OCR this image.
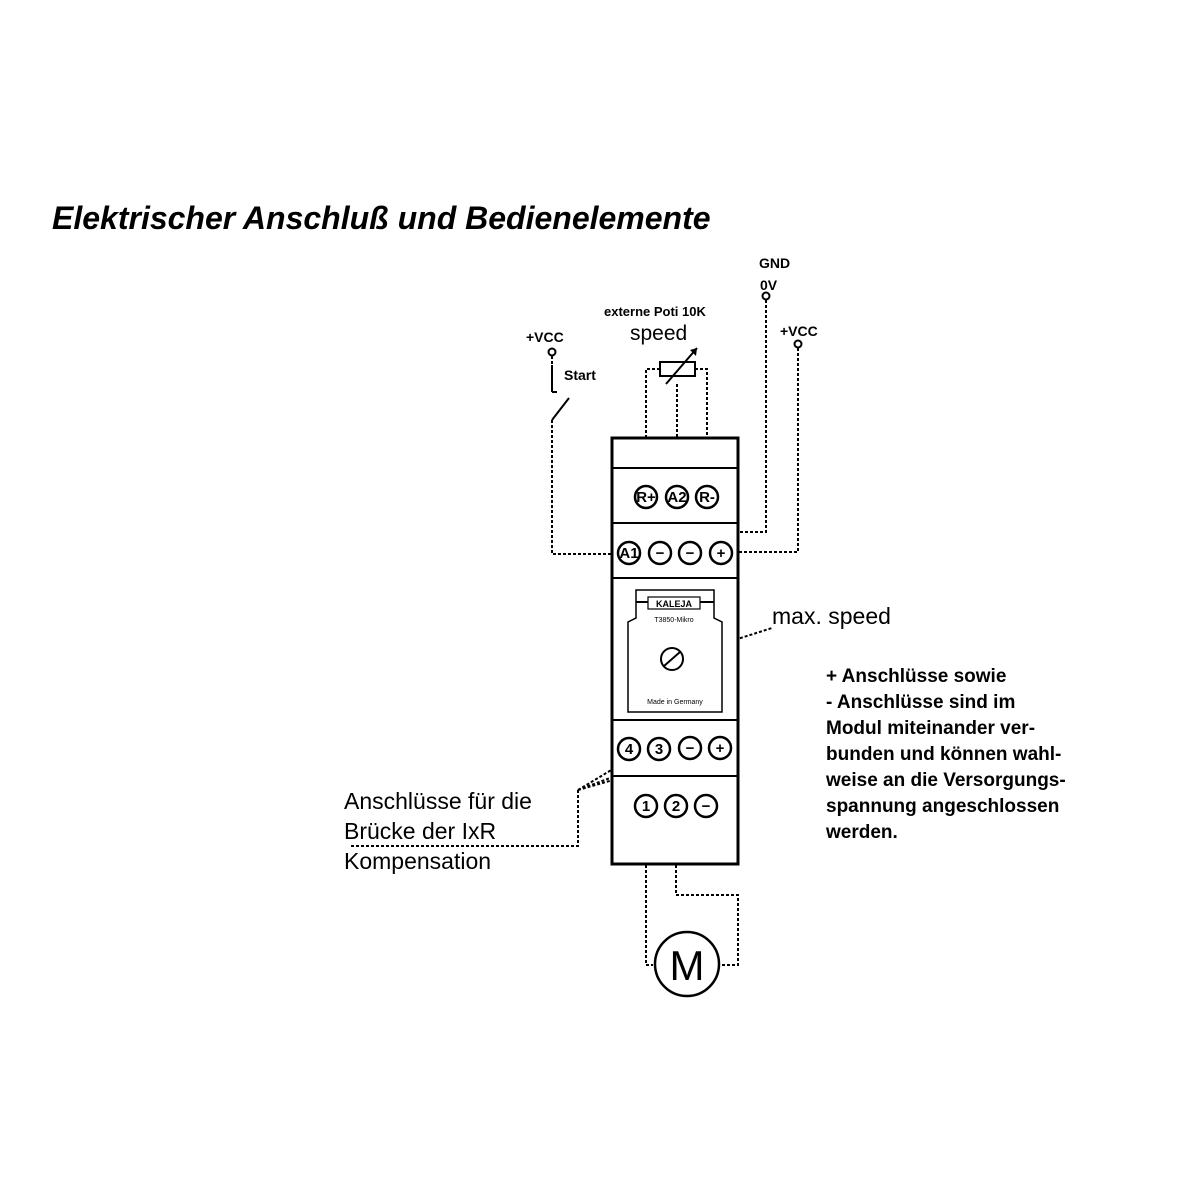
Elektrischer Anschluß und Bedienelemente
GND
0V
+VCC
+VCC
externe Poti 10K
speed
Start
KALEJA
T3850-Mikro
Made in Germany
R+ A2 R-
A1 − − +
4 3 − +
1 2 −
M
max. speed
Anschlüsse für die
Brücke der IxR
Kompensation
+ Anschlüsse sowie
- Anschlüsse sind im
Modul miteinander ver-
bunden und können wahl-
weise an die Versorgungs-
spannung angeschlossen
werden.
